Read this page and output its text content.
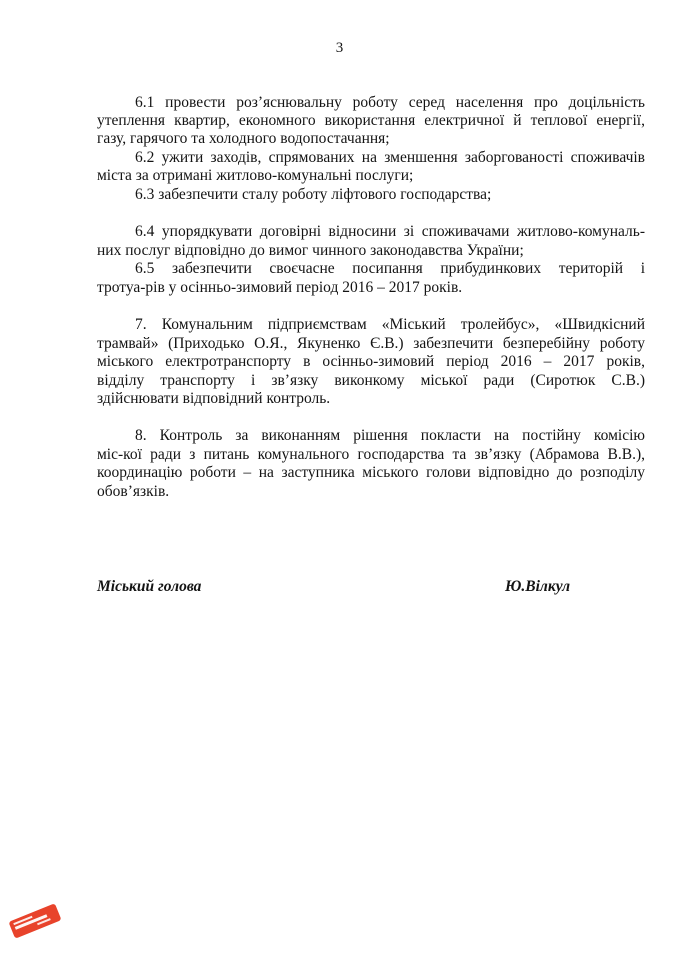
3
6.1 провести роз’яснювальну роботу серед населення про доцільність
утеплення квартир, економного використання електричної й теплової енергії,
газу, гарячого та холодного водопостачання;
6.2 ужити заходів, спрямованих на зменшення заборгованості споживачів
міста за отримані житлово-комунальні послуги;
6.3 забезпечити сталу роботу ліфтового господарства;
6.4 упорядкувати договірні відносини зі споживачами житлово-комуналь-
них послуг відповідно до вимог чинного законодавства України;
6.5 забезпечити своєчасне посипання прибудинкових територій і
тротуа-рів у осінньо-зимовий період 2016 – 2017 років.
7. Комунальним підприємствам «Міський тролейбус», «Швидкісний
трамвай» (Приходько О.Я., Якуненко Є.В.) забезпечити безперебійну роботу
міського електротранспорту в осінньо-зимовий період 2016 – 2017 років,
відділу транспорту і зв’язку виконкому міської ради (Сиротюк С.В.)
здійснювати відповідний контроль.
8. Контроль за виконанням рішення покласти на постійну комісію
міс-кої ради з питань комунального господарства та зв’язку (Абрамова В.В.),
координацію роботи – на заступника міського голови відповідно до розподілу
обов’язків.
Міський голова	Ю.Вілкул
